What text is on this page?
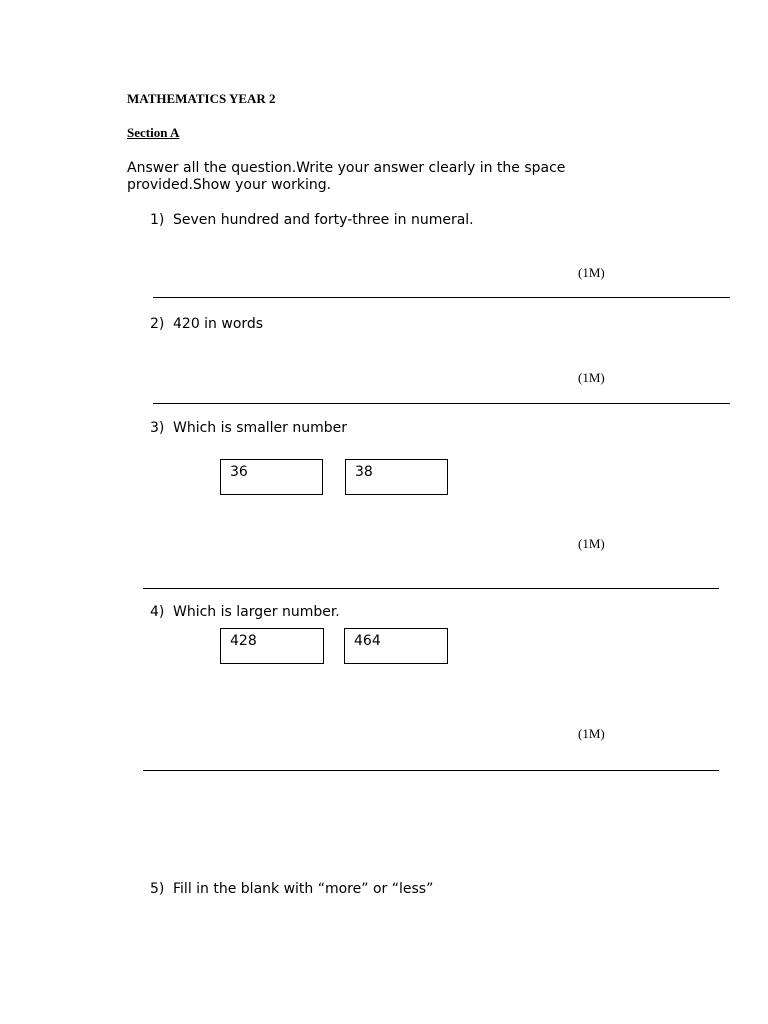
MATHEMATICS YEAR 2
Section A
Answer all the question.Write your answer clearly in the space provided.Show your working.
1) Seven hundred and forty-three in numeral.
(1M)
2) 420 in words
(1M)
3) Which is smaller number
36	38
(1M)
4) Which is larger number.
428	464
(1M)
5) Fill in the blank with “more” or “less”
